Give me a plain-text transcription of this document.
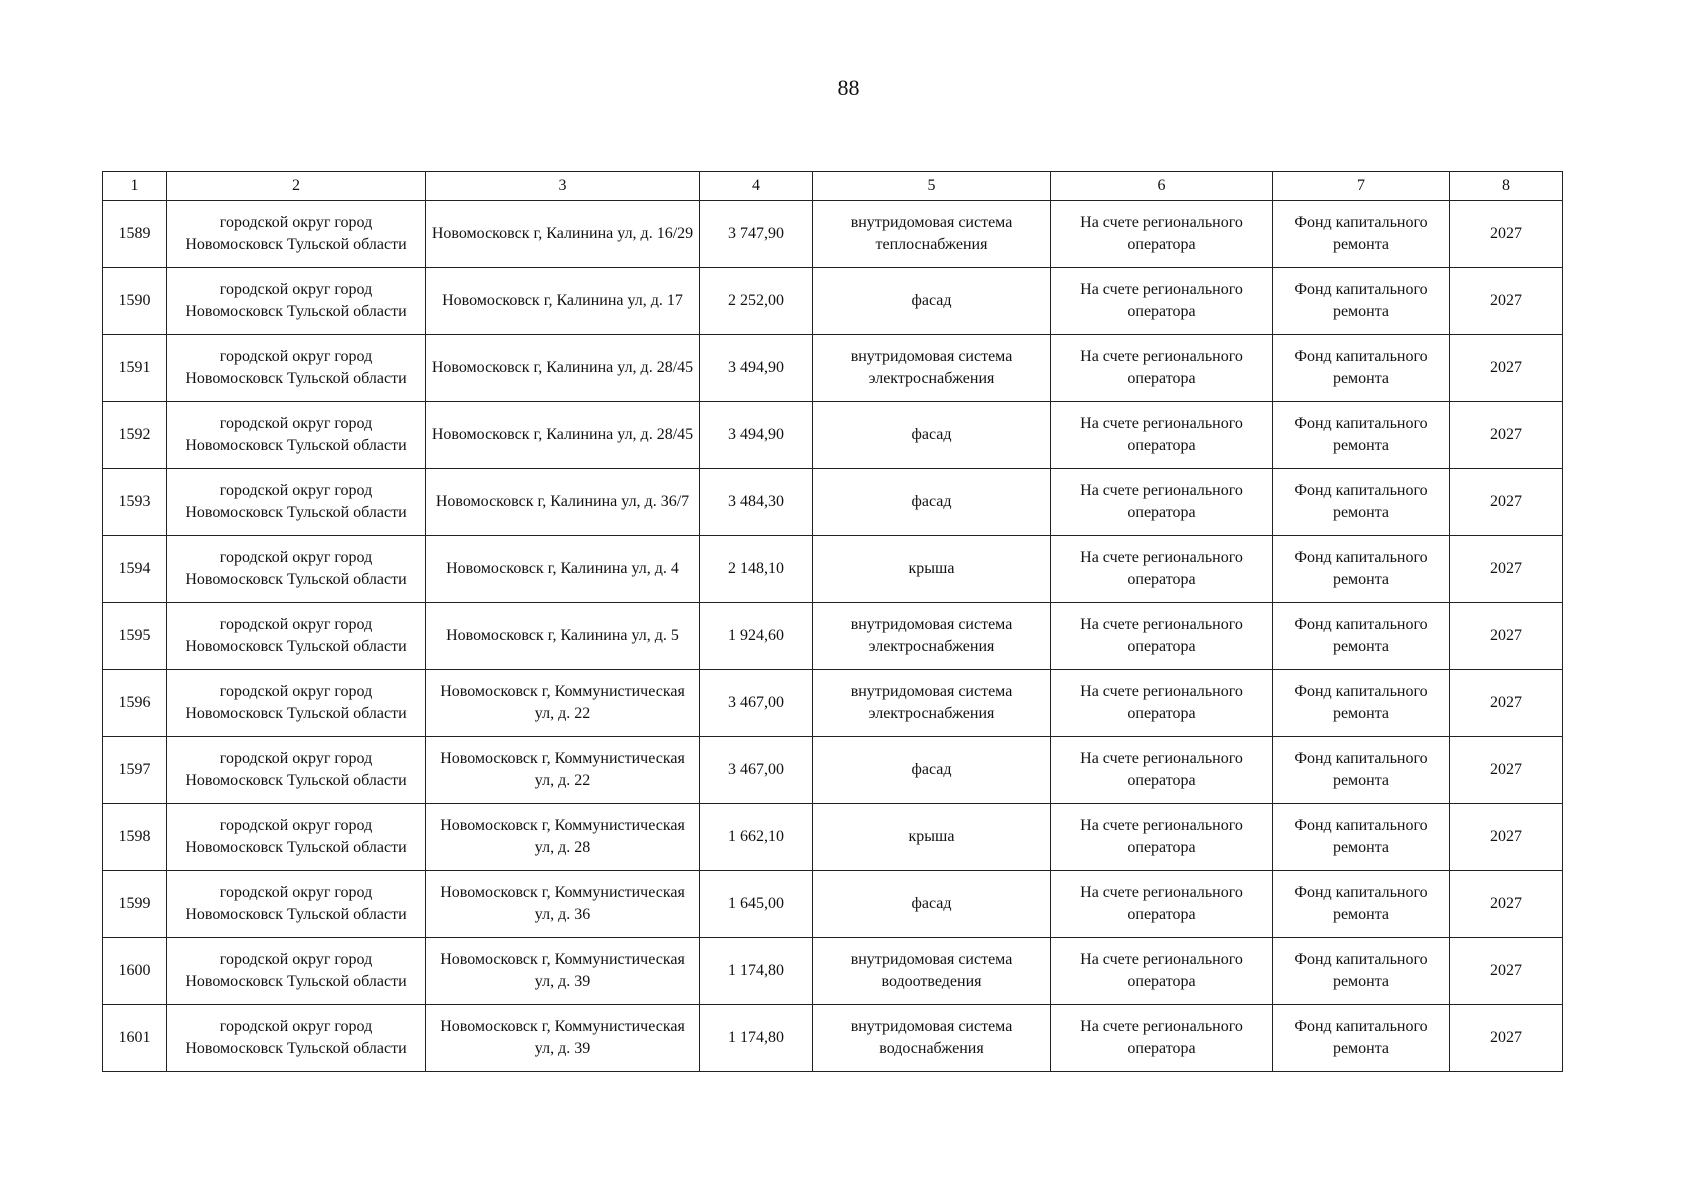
88
1	2	3	4	5	6	7	8
1589	городской округ город Новомосковск Тульской области	Новомосковск г, Калинина ул, д. 16/29	3 747,90	внутридомовая система теплоснабжения	На счете регионального оператора	Фонд капитального ремонта	2027
1590	городской округ город Новомосковск Тульской области	Новомосковск г, Калинина ул, д. 17	2 252,00	фасад	На счете регионального оператора	Фонд капитального ремонта	2027
1591	городской округ город Новомосковск Тульской области	Новомосковск г, Калинина ул, д. 28/45	3 494,90	внутридомовая система электроснабжения	На счете регионального оператора	Фонд капитального ремонта	2027
1592	городской округ город Новомосковск Тульской области	Новомосковск г, Калинина ул, д. 28/45	3 494,90	фасад	На счете регионального оператора	Фонд капитального ремонта	2027
1593	городской округ город Новомосковск Тульской области	Новомосковск г, Калинина ул, д. 36/7	3 484,30	фасад	На счете регионального оператора	Фонд капитального ремонта	2027
1594	городской округ город Новомосковск Тульской области	Новомосковск г, Калинина ул, д. 4	2 148,10	крыша	На счете регионального оператора	Фонд капитального ремонта	2027
1595	городской округ город Новомосковск Тульской области	Новомосковск г, Калинина ул, д. 5	1 924,60	внутридомовая система электроснабжения	На счете регионального оператора	Фонд капитального ремонта	2027
1596	городской округ город Новомосковск Тульской области	Новомосковск г, Коммунистическая ул, д. 22	3 467,00	внутридомовая система электроснабжения	На счете регионального оператора	Фонд капитального ремонта	2027
1597	городской округ город Новомосковск Тульской области	Новомосковск г, Коммунистическая ул, д. 22	3 467,00	фасад	На счете регионального оператора	Фонд капитального ремонта	2027
1598	городской округ город Новомосковск Тульской области	Новомосковск г, Коммунистическая ул, д. 28	1 662,10	крыша	На счете регионального оператора	Фонд капитального ремонта	2027
1599	городской округ город Новомосковск Тульской области	Новомосковск г, Коммунистическая ул, д. 36	1 645,00	фасад	На счете регионального оператора	Фонд капитального ремонта	2027
1600	городской округ город Новомосковск Тульской области	Новомосковск г, Коммунистическая ул, д. 39	1 174,80	внутридомовая система водоотведения	На счете регионального оператора	Фонд капитального ремонта	2027
1601	городской округ город Новомосковск Тульской области	Новомосковск г, Коммунистическая ул, д. 39	1 174,80	внутридомовая система водоснабжения	На счете регионального оператора	Фонд капитального ремонта	2027
